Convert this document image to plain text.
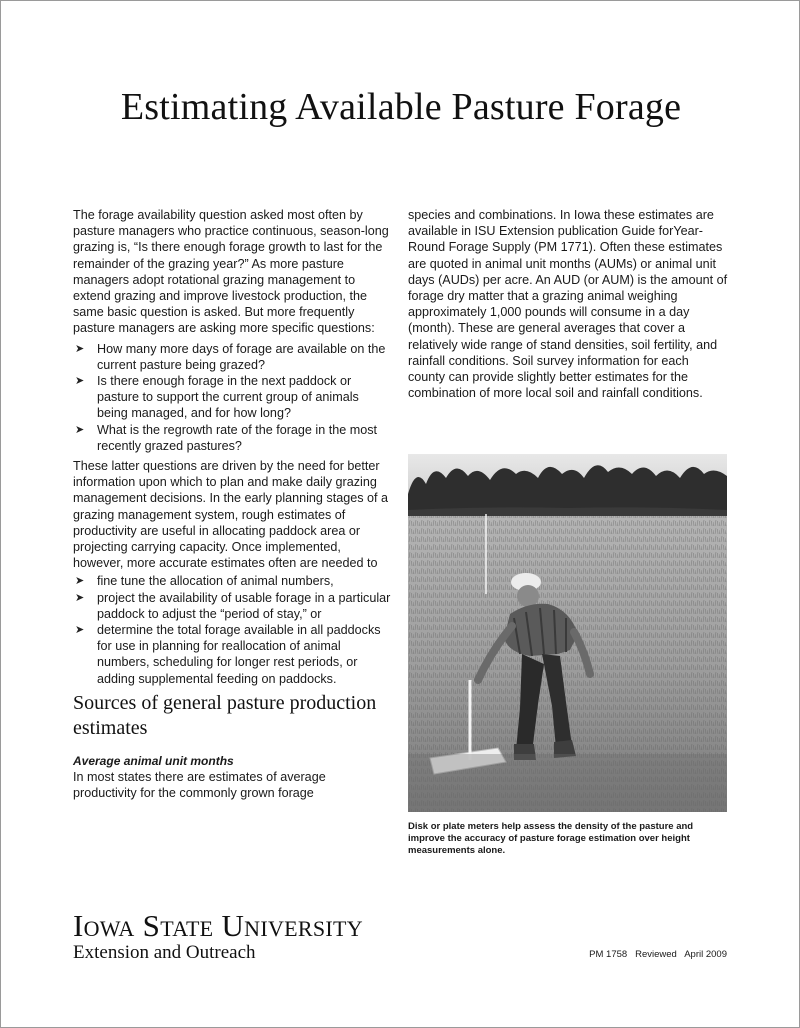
Estimating Available Pasture Forage

The forage availability question asked most often by pasture managers who practice continuous, season-long grazing is, “Is there enough forage growth to last for the remainder of the grazing year?” As more pasture managers adopt rotational grazing management to extend grazing and improve livestock production, the same basic question is asked. But more frequently pasture managers are asking more specific questions:

➤ How many more days of forage are available on the current pasture being grazed?
➤ Is there enough forage in the next paddock or pasture to support the current group of animals being managed, and for how long?
➤ What is the regrowth rate of the forage in the most recently grazed pastures?

These latter questions are driven by the need for better information upon which to plan and make daily grazing management decisions. In the early planning stages of a grazing management system, rough estimates of productivity are useful in allocating paddock area or projecting carrying capacity. Once implemented, however, more accurate estimates often are needed to

➤ fine tune the allocation of animal numbers,
➤ project the availability of usable forage in a particular paddock to adjust the “period of stay,” or
➤ determine the total forage available in all paddocks for use in planning for reallocation of animal numbers, scheduling for longer rest periods, or adding supplemental feeding on paddocks.
Sources of general pasture production estimates

Average animal unit months

In most states there are estimates of average productivity for the commonly grown forage

species and combinations. In Iowa these estimates are available in ISU Extension publication Guide forYear-Round Forage Supply (PM 1771). Often these estimates are quoted in animal unit months (AUMs) or animal unit days (AUDs) per acre. An AUD (or AUM) is the amount of forage dry matter that a grazing animal weighing approximately 1,000 pounds will consume in a day (month). These are general averages that cover a relatively wide range of stand densities, soil fertility, and rainfall conditions. Soil survey information for each county can provide slightly better estimates for the combination of more local soil and rainfall conditions.

Disk or plate meters help assess the density of the pasture and improve the accuracy of pasture forage estimation over height measurements alone.

Iowa State University
Extension and Outreach	PM 1758   Reviewed   April 2009
